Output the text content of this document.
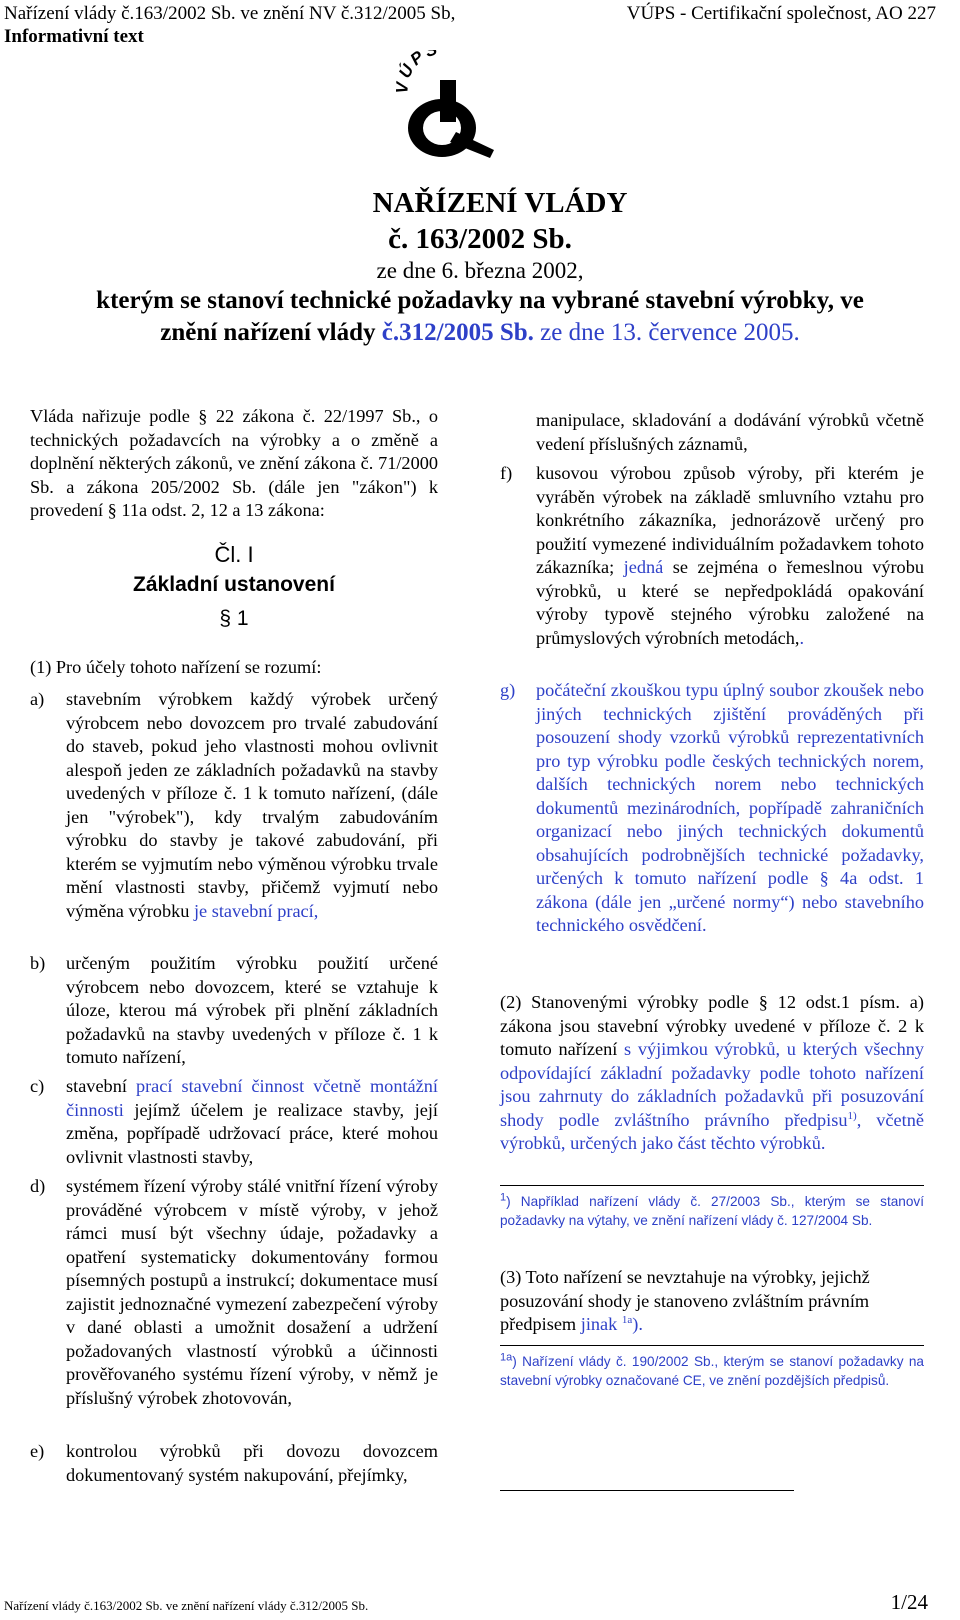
Nařízení vlády č.163/2002 Sb. ve znění NV č.312/2005 Sb,	VÚPS - Certifikační společnost, AO 227
Informativní text
ÚP
NAŘÍZENÍ VLÁDY
č. 163/2002 Sb.
ze dne 6. března 2002,
kterým se stanoví technické požadavky na vybrané stavební výrobky, ve
znění nařízení vlády č.312/2005 Sb. ze dne 13. července 2005.
Vláda nařizuje podle § 22 zákona č. 22/1997 Sb., o technických požadavcích na výrobky a o změně a doplnění některých zákonů, ve znění zákona č. 71/2000 Sb. a zákona 205/2002 Sb. (dále jen "zákon") k provedení § 11a odst. 2, 12 a 13 zákona:
Čl. I
Základní ustanovení
§ 1
(1) Pro účely tohoto nařízení se rozumí:
a) stavebním výrobkem každý výrobek určený výrobcem nebo dovozcem pro trvalé zabudování do staveb, pokud jeho vlastnosti mohou ovlivnit alespoň jeden ze základních požadavků na stavby uvedených v příloze č. 1 k tomuto nařízení, (dále jen "výrobek"), kdy trvalým zabudováním výrobku do stavby je takové zabudování, při kterém se vyjmutím nebo výměnou výrobku trvale mění vlastnosti stavby, přičemž vyjmutí nebo výměna výrobku je stavební prací,
b) určeným použitím výrobku použití určené výrobcem nebo dovozcem, které se vztahuje k úloze, kterou má výrobek při plnění základních požadavků na stavby uvedených v příloze č. 1 k tomuto nařízení,
c) stavební prací stavební činnost včetně montážní činnosti jejímž účelem je realizace stavby, její změna, popřípadě udržovací práce, které mohou ovlivnit vlastnosti stavby,
d) systémem řízení výroby stálé vnitřní řízení výroby prováděné výrobcem v místě výroby, v jehož rámci musí být všechny údaje, požadavky a opatření systematicky dokumentovány formou písemných postupů a instrukcí; dokumentace musí zajistit jednoznačné vymezení zabezpečení výroby v dané oblasti a umožnit dosažení a udržení požadovaných vlastností výrobků a účinnosti prověřovaného systému řízení výroby, v němž je příslušný výrobek zhotovován,
e) kontrolou výrobků při dovozu dovozcem dokumentovaný systém nakupování, přejímky,
manipulace, skladování a dodávání výrobků včetně vedení příslušných záznamů,
f) kusovou výrobou způsob výroby, při kterém je vyráběn výrobek na základě smluvního vztahu pro konkrétního zákazníka, jednorázově určený pro použití vymezené individuálním požadavkem tohoto zákazníka; jedná se zejména o řemeslnou výrobu výrobků, u které se nepředpokládá opakování výroby typově stejného výrobku založené na průmyslových výrobních metodách,.
g) počáteční zkouškou typu úplný soubor zkoušek nebo jiných technických zjištění prováděných při posouzení shody vzorků výrobků reprezentativních pro typ výrobku podle českých technických norem, dalších technických norem nebo technických dokumentů mezinárodních, popřípadě zahraničních organizací nebo jiných technických dokumentů obsahujících podrobnějších technické požadavky, určených k tomuto nařízení podle § 4a odst. 1 zákona (dále jen „určené normy“) nebo stavebního technického osvědčení.
(2) Stanovenými výrobky podle § 12 odst.1 písm. a) zákona jsou stavební výrobky uvedené v příloze č. 2 k tomuto nařízení s výjimkou výrobků, u kterých všechny odpovídající základní požadavky podle tohoto nařízení jsou zahrnuty do základních požadavků při posuzování shody podle zvláštního právního předpisu$^{1)}$, včetně výrobků, určených jako část těchto výrobků.
$^1$) Například nařízení vlády č. 27/2003 Sb., kterým se stanoví požadavky na výtahy, ve znění nařízení vlády č. 127/2004 Sb.
(3) Toto nařízení se nevztahuje na výrobky, jejichž posuzování shody je stanoveno zvláštním právním předpisem jinak $^{1a}$).
$^{1a}$) Nařízení vlády č. 190/2002 Sb., kterým se stanoví požadavky na stavební výrobky označované CE, ve znění pozdějších předpisů.
Nařízení vlády č.163/2002 Sb. ve znění nařízení vlády č.312/2005 Sb.	1/24
